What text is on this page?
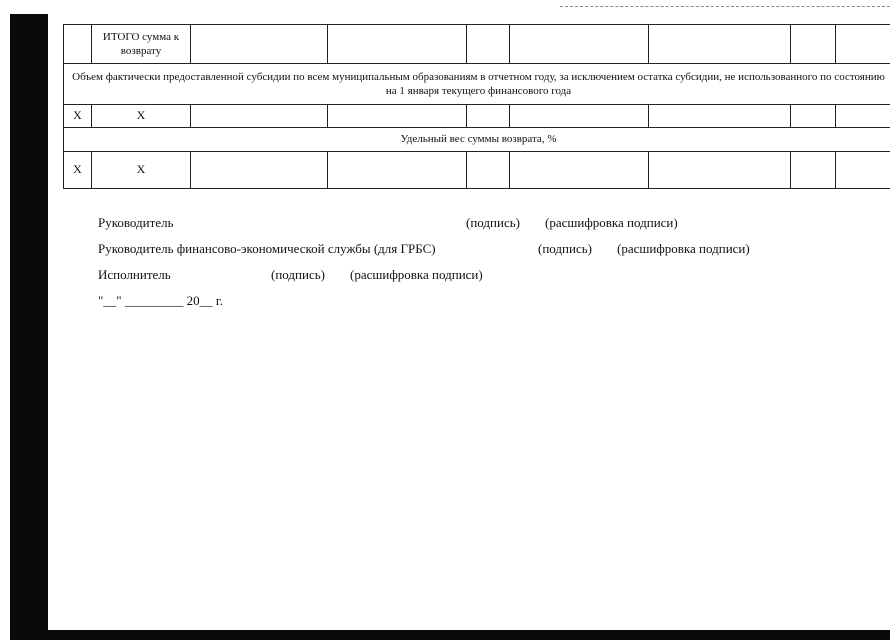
	ИТОГО сумма к возврату							
Объем фактически предоставленной субсидии по всем муниципальным образованиям в отчетном году, за исключением остатка субсидии, не использованного по состоянию на 1 января текущего финансового года								
Х	Х							
Удельный вес суммы возврата, %								
Х	Х							
Руководитель	(подпись) (расшифровка подписи)
Руководитель финансово-экономической службы (для ГРБС)	(подпись) (расшифровка подписи)
Исполнитель	(подпись) (расшифровка подписи)
"__" _________ 20__ г.
